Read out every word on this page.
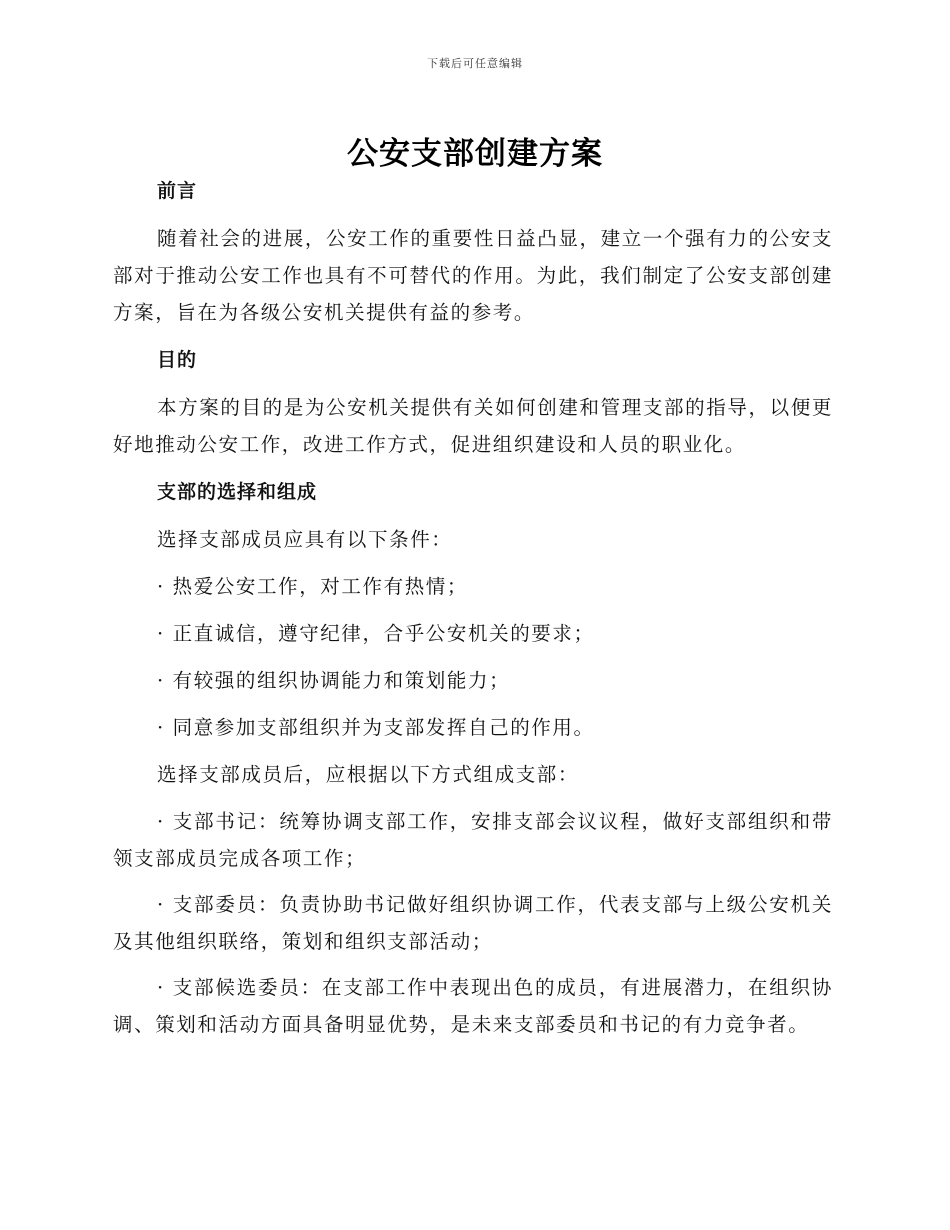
下载后可任意编辑
公安支部创建方案
前言

随着社会的进展，公安工作的重要性日益凸显，建立一个强有力的公安支部对于推动公安工作也具有不可替代的作用。为此，我们制定了公安支部创建方案，旨在为各级公安机关提供有益的参考。

目的

本方案的目的是为公安机关提供有关如何创建和管理支部的指导，以便更好地推动公安工作，改进工作方式，促进组织建设和人员的职业化。

支部的选择和组成

选择支部成员应具有以下条件：

· 热爱公安工作，对工作有热情；

· 正直诚信，遵守纪律，合乎公安机关的要求；

· 有较强的组织协调能力和策划能力；

· 同意参加支部组织并为支部发挥自己的作用。

选择支部成员后，应根据以下方式组成支部：

· 支部书记：统筹协调支部工作，安排支部会议议程，做好支部组织和带领支部成员完成各项工作；

· 支部委员：负责协助书记做好组织协调工作，代表支部与上级公安机关及其他组织联络，策划和组织支部活动；

· 支部候选委员：在支部工作中表现出色的成员，有进展潜力，在组织协调、策划和活动方面具备明显优势，是未来支部委员和书记的有力竞争者。
